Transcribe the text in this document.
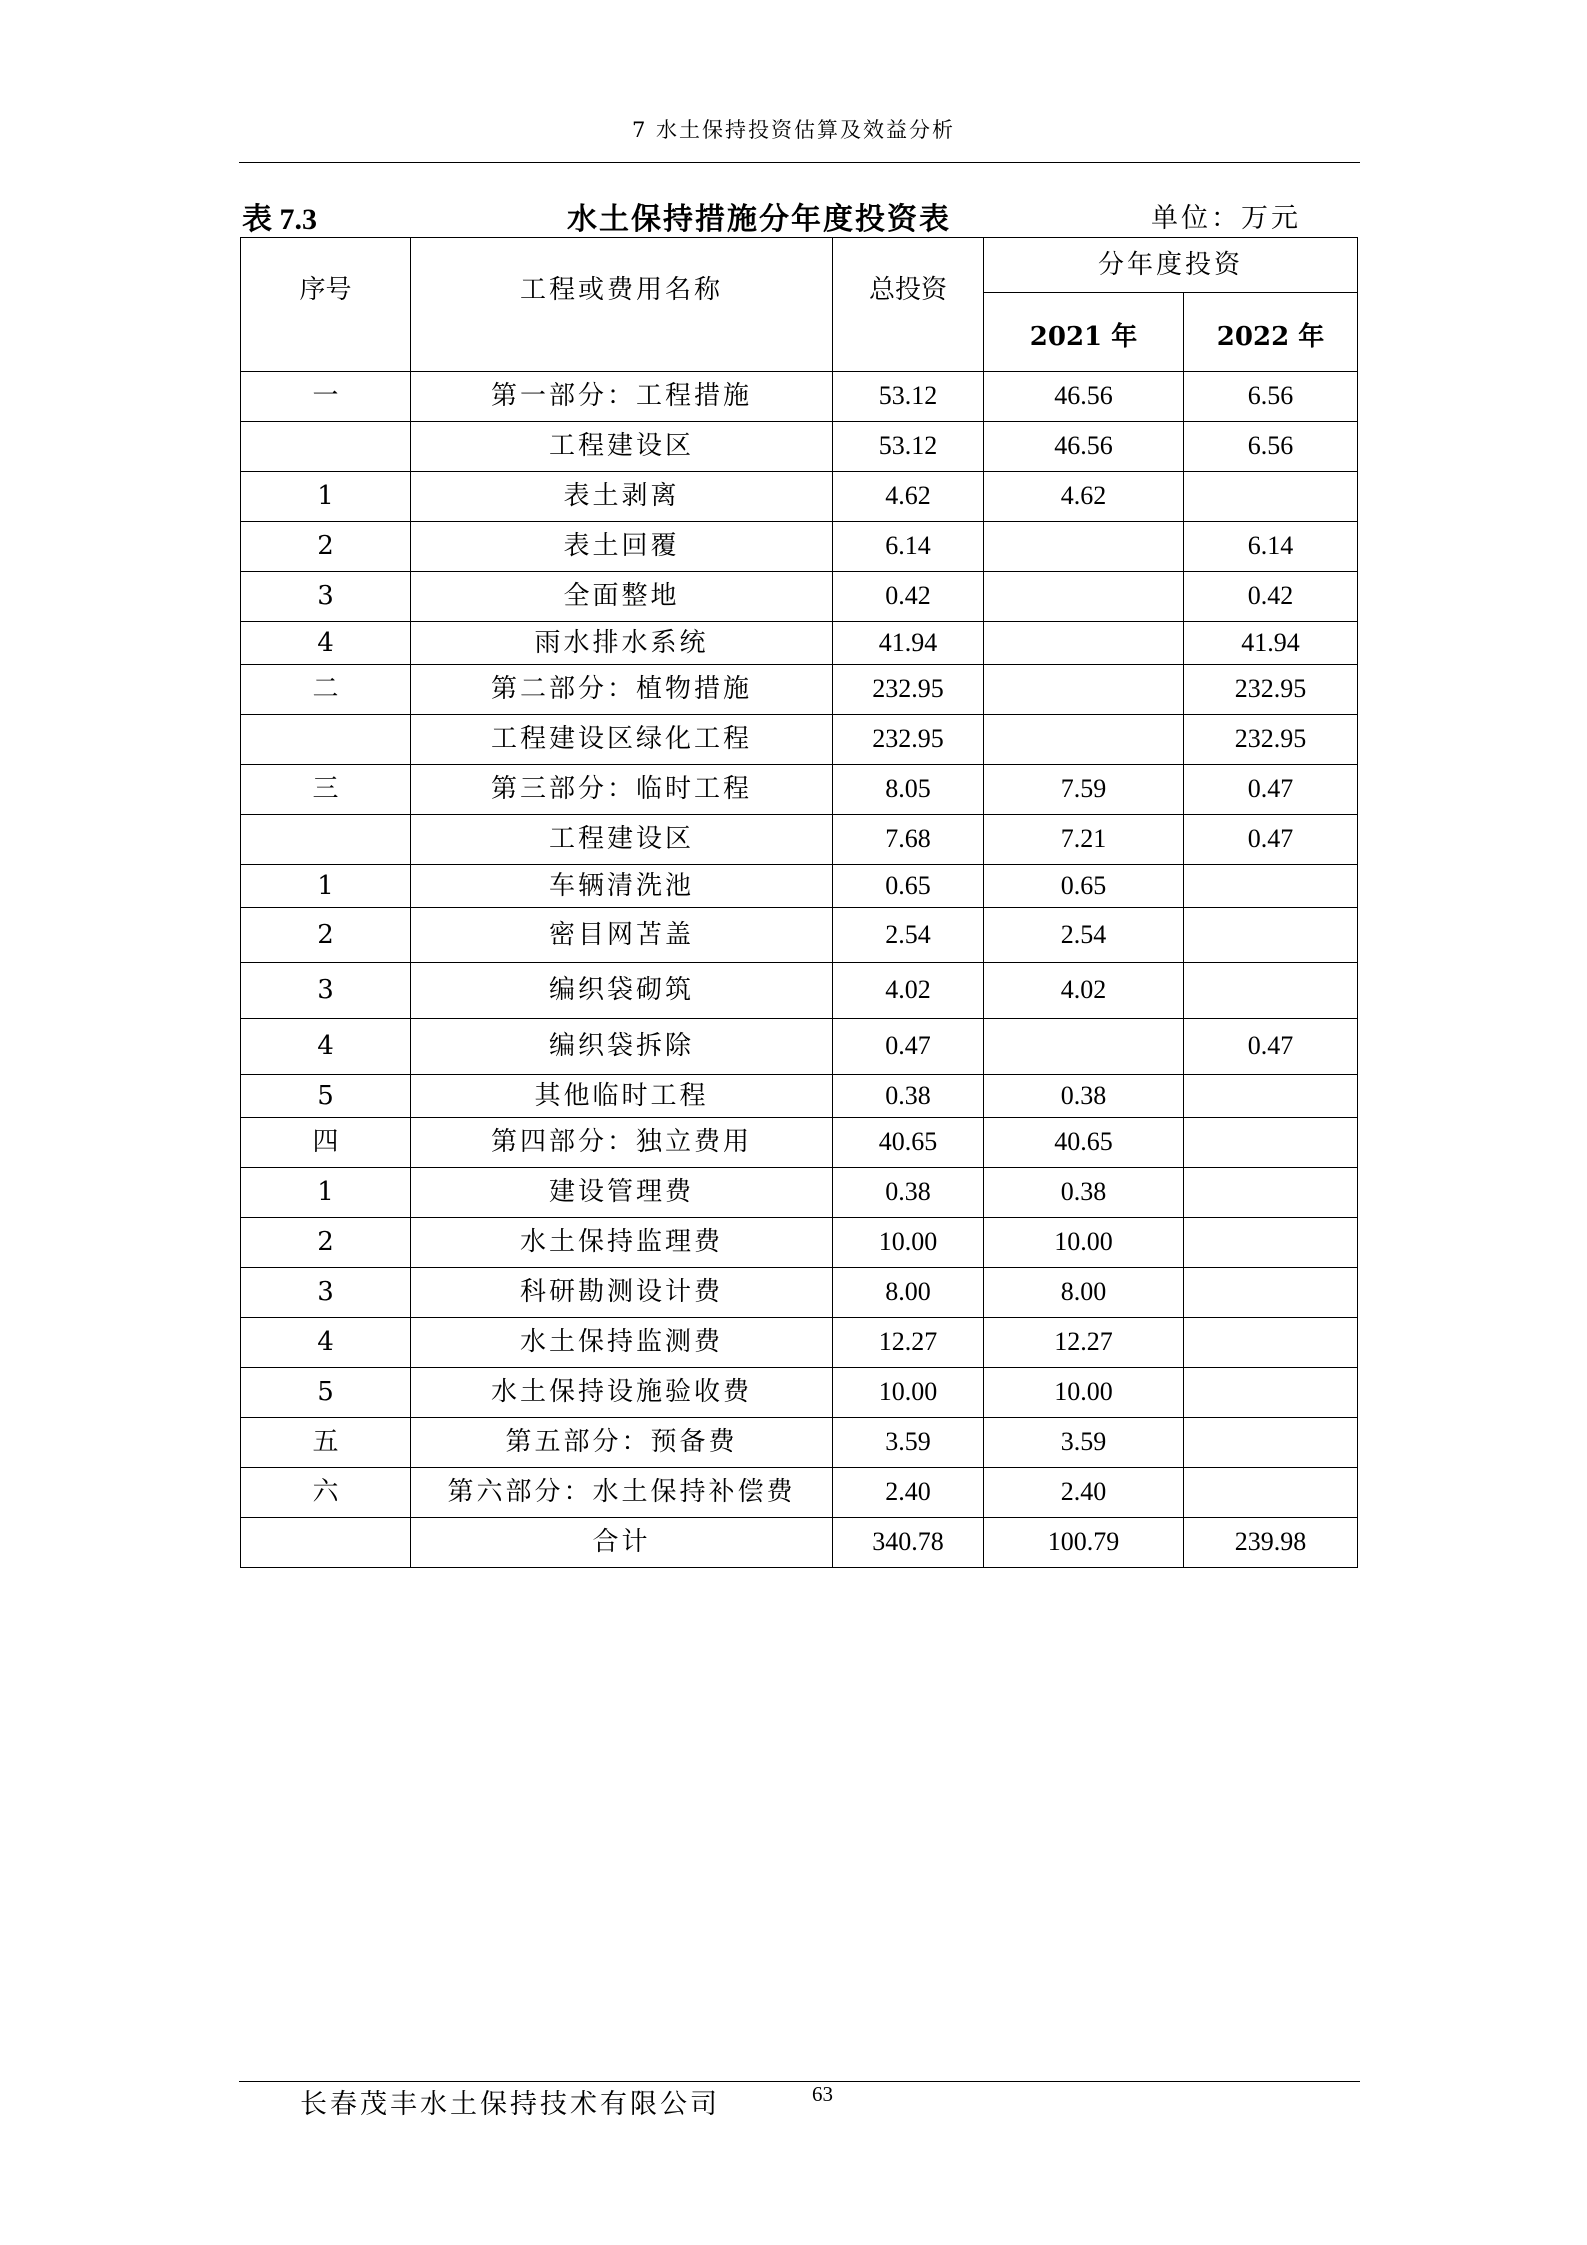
7 水土保持投资估算及效益分析
表 7.3	水土保持措施分年度投资表	单位：万元
序号	工程或费用名称	总投资	分年度投资	
			2021 年	2022 年
一	第一部分：工程措施	53.12	46.56	6.56
	工程建设区	53.12	46.56	6.56
1	表土剥离	4.62	4.62	
2	表土回覆	6.14		6.14
3	全面整地	0.42		0.42
4	雨水排水系统	41.94		41.94
二	第二部分：植物措施	232.95		232.95
	工程建设区绿化工程	232.95		232.95
三	第三部分：临时工程	8.05	7.59	0.47
	工程建设区	7.68	7.21	0.47
1	车辆清洗池	0.65	0.65	
2	密目网苫盖	2.54	2.54	
3	编织袋砌筑	4.02	4.02	
4	编织袋拆除	0.47		0.47
5	其他临时工程	0.38	0.38	
四	第四部分：独立费用	40.65	40.65	
1	建设管理费	0.38	0.38	
2	水土保持监理费	10.00	10.00	
3	科研勘测设计费	8.00	8.00	
4	水土保持监测费	12.27	12.27	
5	水土保持设施验收费	10.00	10.00	
五	第五部分：预备费	3.59	3.59	
六	第六部分：水土保持补偿费	2.40	2.40	
	合计	340.78	100.79	239.98
长春茂丰水土保持技术有限公司	63
